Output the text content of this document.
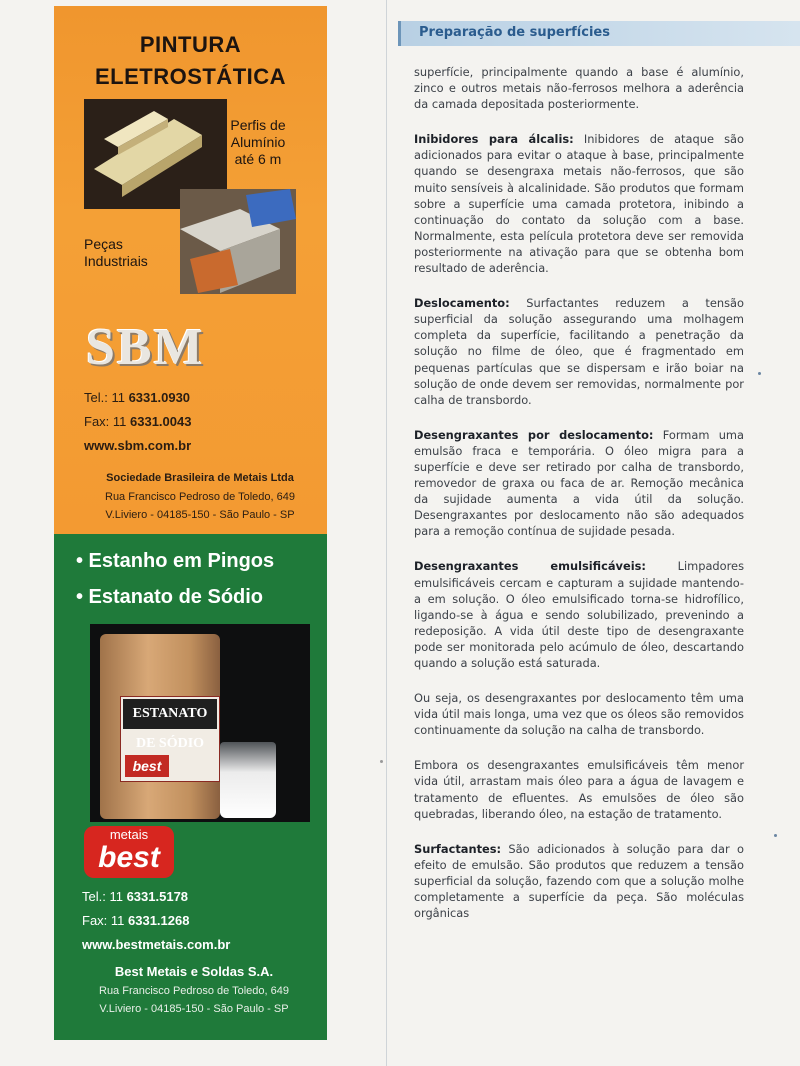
PINTURA
ELETROSTÁTICA
Perfis de
Alumínio
até 6 m
Peças
Industriais
SBM
Tel.: 11 6331.0930
Fax: 11 6331.0043
www.sbm.com.br
Sociedade Brasileira de Metais Ltda
Rua Francisco Pedroso de Toledo, 649
V.Liviero - 04185-150 - São Paulo - SP
• Estanho em Pingos
• Estanato de Sódio
ESTANATO DE SÓDIO
best
metais
best
Tel.: 11 6331.5178
Fax: 11 6331.1268
www.bestmetais.com.br
Best Metais e Soldas S.A.
Rua Francisco Pedroso de Toledo, 649
V.Liviero - 04185-150 - São Paulo - SP
Preparação de superfícies

superfície, principalmente quando a base é alumínio, zinco e outros metais não-ferrosos melhora a aderência da camada depositada posteriormente.

Inibidores para álcalis: Inibidores de ataque são adicionados para evitar o ataque à base, principalmente quando se desengraxa metais não-ferrosos, que são muito sensíveis à alcalinidade. São produtos que formam sobre a superfície uma camada protetora, inibindo a continuação do contato da solução com a base. Normalmente, esta película protetora deve ser removida posteriormente na ativação para que se obtenha bom resultado de aderência.

Deslocamento: Surfactantes reduzem a tensão superficial da solução assegurando uma molhagem completa da superfície, facilitando a penetração da solução no filme de óleo, que é fragmentado em pequenas partículas que se dispersam e irão boiar na solução de onde devem ser removidas, normalmente por calha de transbordo.

Desengraxantes por deslocamento: Formam uma emulsão fraca e temporária. O óleo migra para a superfície e deve ser retirado por calha de transbordo, removedor de graxa ou faca de ar. Remoção mecânica da sujidade aumenta a vida útil da solução. Desengraxantes por deslocamento não são adequados para a remoção contínua de sujidade pesada.

Desengraxantes emulsificáveis: Limpadores emulsificáveis cercam e capturam a sujidade mantendo-a em solução. O óleo emulsificado torna-se hidrofílico, ligando-se à água e sendo solubilizado, prevenindo a redeposição. A vida útil deste tipo de desengraxante pode ser monitorada pelo acúmulo de óleo, descartando quando a solução está saturada.

Ou seja, os desengraxantes por deslocamento têm uma vida útil mais longa, uma vez que os óleos são removidos continuamente da solução na calha de transbordo.

Embora os desengraxantes emulsificáveis têm menor vida útil, arrastam mais óleo para a água de lavagem e tratamento de efluentes. As emulsões de óleo são quebradas, liberando óleo, na estação de tratamento.

Surfactantes: São adicionados à solução para dar o efeito de emulsão. São produtos que reduzem a tensão superficial da solução, fazendo com que a solução molhe completamente a superfície da peça. São moléculas orgânicas
